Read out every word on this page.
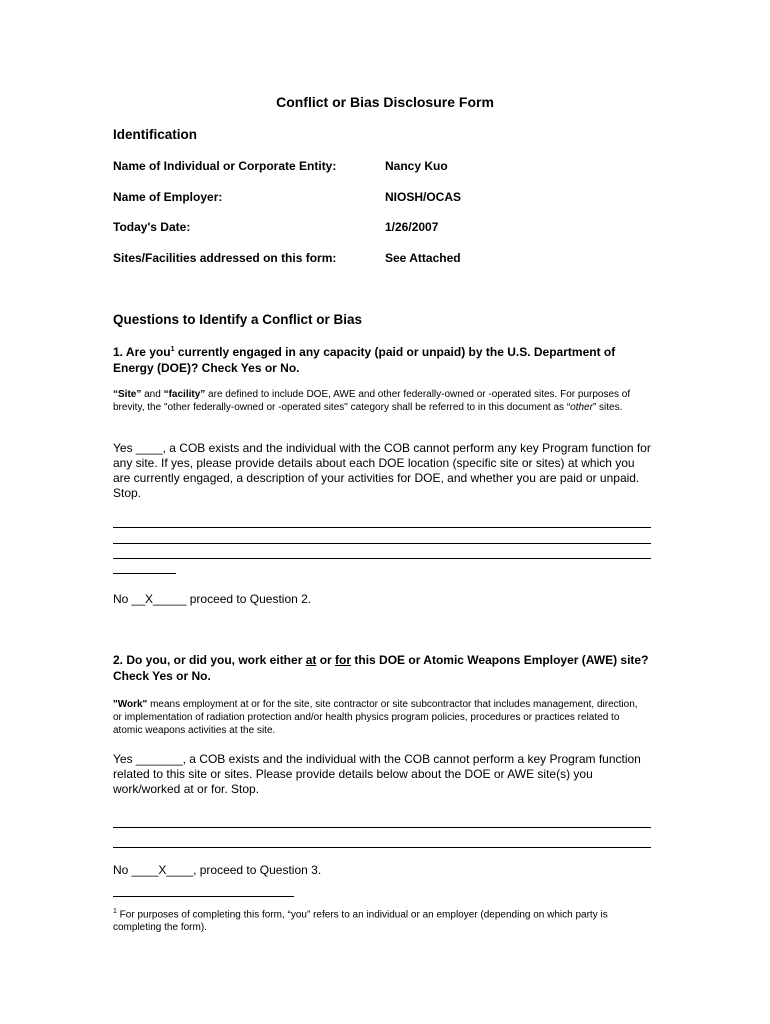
Conflict or Bias Disclosure Form
Identification
Name of Individual or Corporate Entity:	Nancy Kuo
Name of Employer:	NIOSH/OCAS
Today's Date:	1/26/2007
Sites/Facilities addressed on this form:	See Attached
Questions to Identify a Conflict or Bias
1. Are you$^1$ currently engaged in any capacity (paid or unpaid) by the U.S. Department of Energy (DOE)? Check Yes or No.
“Site” and “facility” are defined to include DOE, AWE and other federally-owned or -operated sites. For purposes of brevity, the "other federally-owned or -operated sites" category shall be referred to in this document as “other” sites.
Yes ____, a COB exists and the individual with the COB cannot perform any key Program function for any site. If yes, please provide details about each DOE location (specific site or sites) at which you are currently engaged, a description of your activities for DOE, and whether you are paid or unpaid. Stop.
No __X_____ proceed to Question 2.
2. Do you, or did you, work either at or for this DOE or Atomic Weapons Employer (AWE) site? Check Yes or No.
"Work" means employment at or for the site, site contractor or site subcontractor that includes management, direction, or implementation of radiation protection and/or health physics program policies, procedures or practices related to atomic weapons activities at the site.
Yes _______, a COB exists and the individual with the COB cannot perform a key Program function related to this site or sites. Please provide details below about the DOE or AWE site(s) you work/worked at or for. Stop.
No ____X____, proceed to Question 3.
$^1$ For purposes of completing this form, “you” refers to an individual or an employer (depending on which party is completing the form).
